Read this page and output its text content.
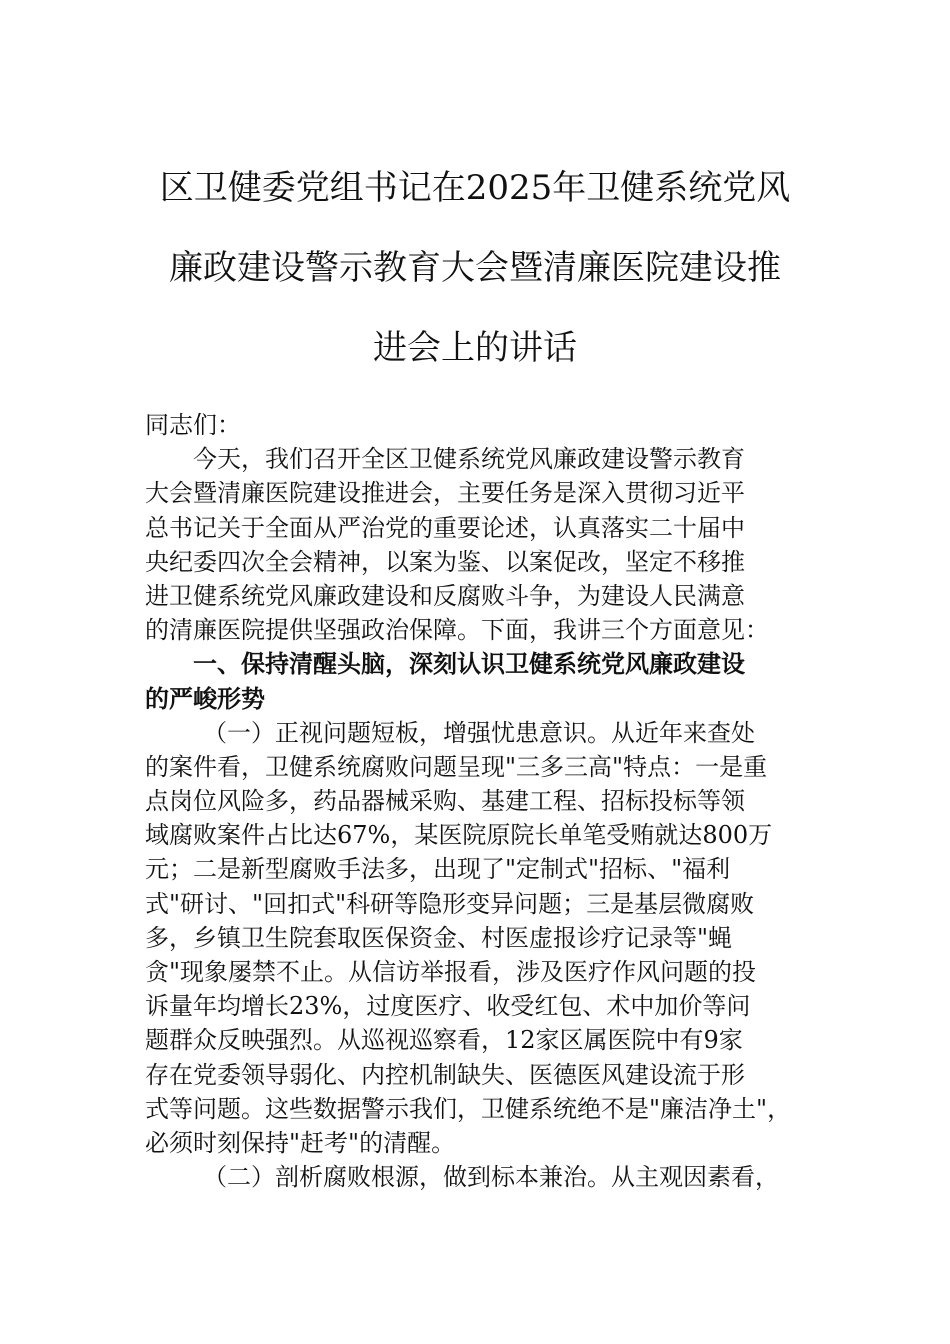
区卫健委党组书记在2025年卫健系统党风
廉政建设警示教育大会暨清廉医院建设推
进会上的讲话
同志们：
今天，我们召开全区卫健系统党风廉政建设警示教育
大会暨清廉医院建设推进会，主要任务是深入贯彻习近平
总书记关于全面从严治党的重要论述，认真落实二十届中
央纪委四次全会精神，以案为鉴、以案促改，坚定不移推
进卫健系统党风廉政建设和反腐败斗争，为建设人民满意
的清廉医院提供坚强政治保障。下面，我讲三个方面意见：
一、保持清醒头脑，深刻认识卫健系统党风廉政建设
的严峻形势
（一）正视问题短板，增强忧患意识。从近年来查处
的案件看，卫健系统腐败问题呈现"三多三高"特点：一是重
点岗位风险多，药品器械采购、基建工程、招标投标等领
域腐败案件占比达67%，某医院原院长单笔受贿就达800万
元；二是新型腐败手法多，出现了"定制式"招标、"福利
式"研讨、"回扣式"科研等隐形变异问题；三是基层微腐败
多，乡镇卫生院套取医保资金、村医虚报诊疗记录等"蝇
贪"现象屡禁不止。从信访举报看，涉及医疗作风问题的投
诉量年均增长23%，过度医疗、收受红包、术中加价等问
题群众反映强烈。从巡视巡察看，12家区属医院中有9家
存在党委领导弱化、内控机制缺失、医德医风建设流于形
式等问题。这些数据警示我们，卫健系统绝不是"廉洁净土"，
必须时刻保持"赶考"的清醒。
（二）剖析腐败根源，做到标本兼治。从主观因素看，
